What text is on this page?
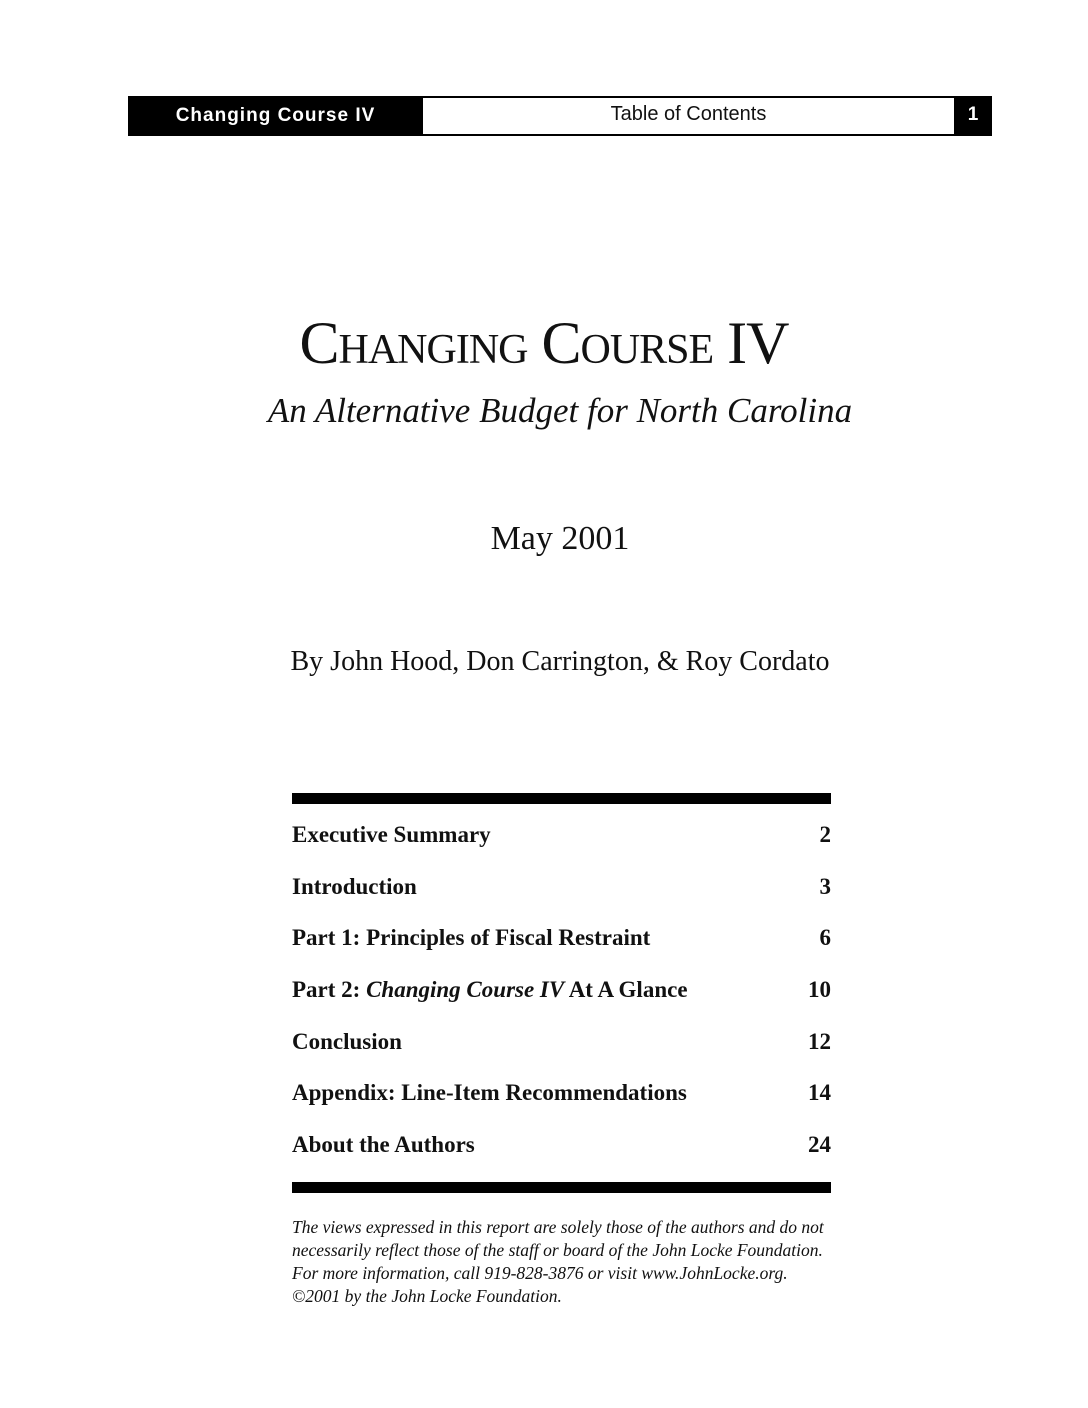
Changing Course IV	Table of Contents	1
Changing Course IV
An Alternative Budget for North Carolina
May 2001
By John Hood, Don Carrington, & Roy Cordato
Executive Summary	2
Introduction	3
Part 1: Principles of Fiscal Restraint	6
Part 2: Changing Course IV At A Glance	10
Conclusion	12
Appendix: Line-Item Recommendations	14
About the Authors	24
The views expressed in this report are solely those of the authors and do not necessarily reflect those of the staff or board of the John Locke Foundation. For more information, call 919-828-3876 or visit www.JohnLocke.org. ©2001 by the John Locke Foundation.
